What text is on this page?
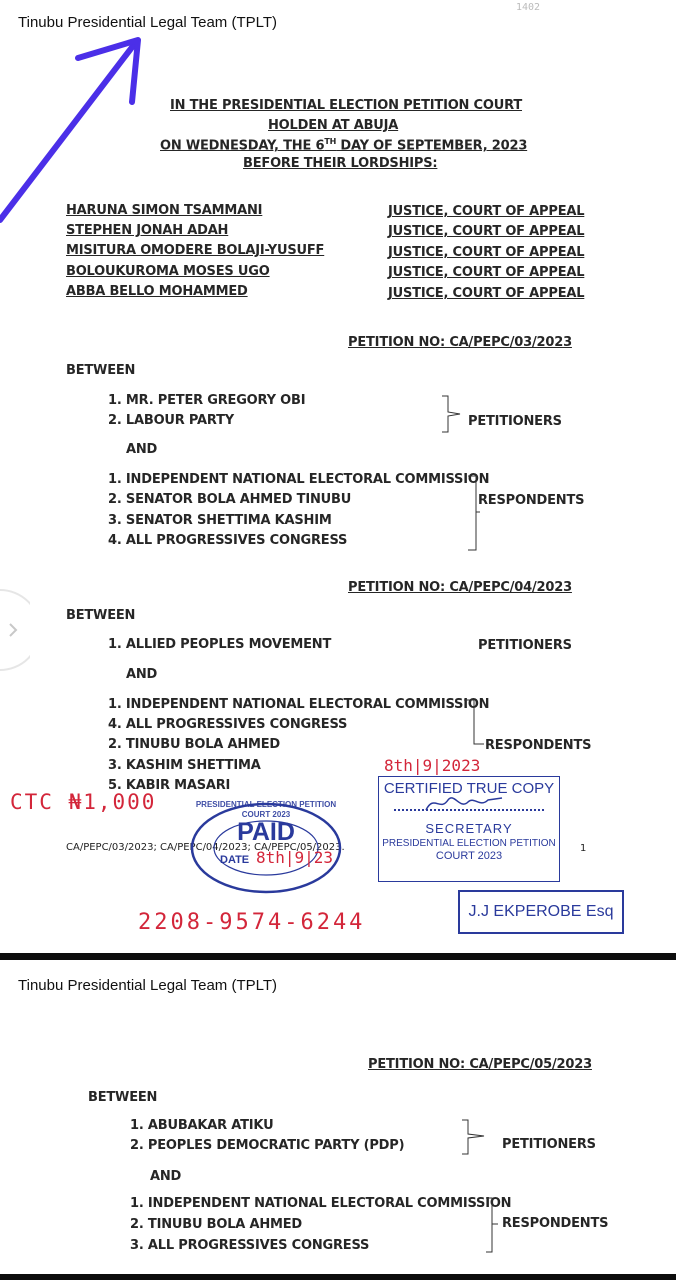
Tinubu Presidential Legal Team (TPLT)
1402
IN THE PRESIDENTIAL ELECTION PETITION COURT
HOLDEN AT ABUJA
ON WEDNESDAY, THE 6TH DAY OF SEPTEMBER, 2023
BEFORE THEIR LORDSHIPS:
HARUNA SIMON TSAMMANI	JUSTICE, COURT OF APPEAL
STEPHEN JONAH ADAH	JUSTICE, COURT OF APPEAL
MISITURA OMODERE BOLAJI-YUSUFF	JUSTICE, COURT OF APPEAL
BOLOUKUROMA MOSES UGO	JUSTICE, COURT OF APPEAL
ABBA BELLO MOHAMMED	JUSTICE, COURT OF APPEAL
PETITION NO: CA/PEPC/03/2023
BETWEEN
1. MR. PETER GREGORY OBI
2. LABOUR PARTY	PETITIONERS
AND
1. INDEPENDENT NATIONAL ELECTORAL COMMISSION
2. SENATOR BOLA AHMED TINUBU
3. SENATOR SHETTIMA KASHIM
4. ALL PROGRESSIVES CONGRESS
RESPONDENTS
PETITION NO: CA/PEPC/04/2023
BETWEEN
1. ALLIED PEOPLES MOVEMENT	PETITIONERS
AND
1. INDEPENDENT NATIONAL ELECTORAL COMMISSION
4. ALL PROGRESSIVES CONGRESS
2. TINUBU BOLA AHMED
3. KASHIM SHETTIMA
5. KABIR MASARI
RESPONDENTS
CTC ₦1,000
CA/PEPC/03/2023; CA/PEPC/04/2023; CA/PEPC/05/2023.	1
PRESIDENTIAL ELECTION PETITION COURT 2023
PAID
DATE 8th|9|23
8th|9|2023
CERTIFIED TRUE COPY
SECRETARY
PRESIDENTIAL ELECTION PETITION
COURT 2023
2208-9574-6244	J.J EKPEROBE Esq
Tinubu Presidential Legal Team (TPLT)
PETITION NO: CA/PEPC/05/2023
BETWEEN
1. ABUBAKAR ATIKU
2. PEOPLES DEMOCRATIC PARTY (PDP)	PETITIONERS
AND
1. INDEPENDENT NATIONAL ELECTORAL COMMISSION
2. TINUBU BOLA AHMED
3. ALL PROGRESSIVES CONGRESS
RESPONDENTS
